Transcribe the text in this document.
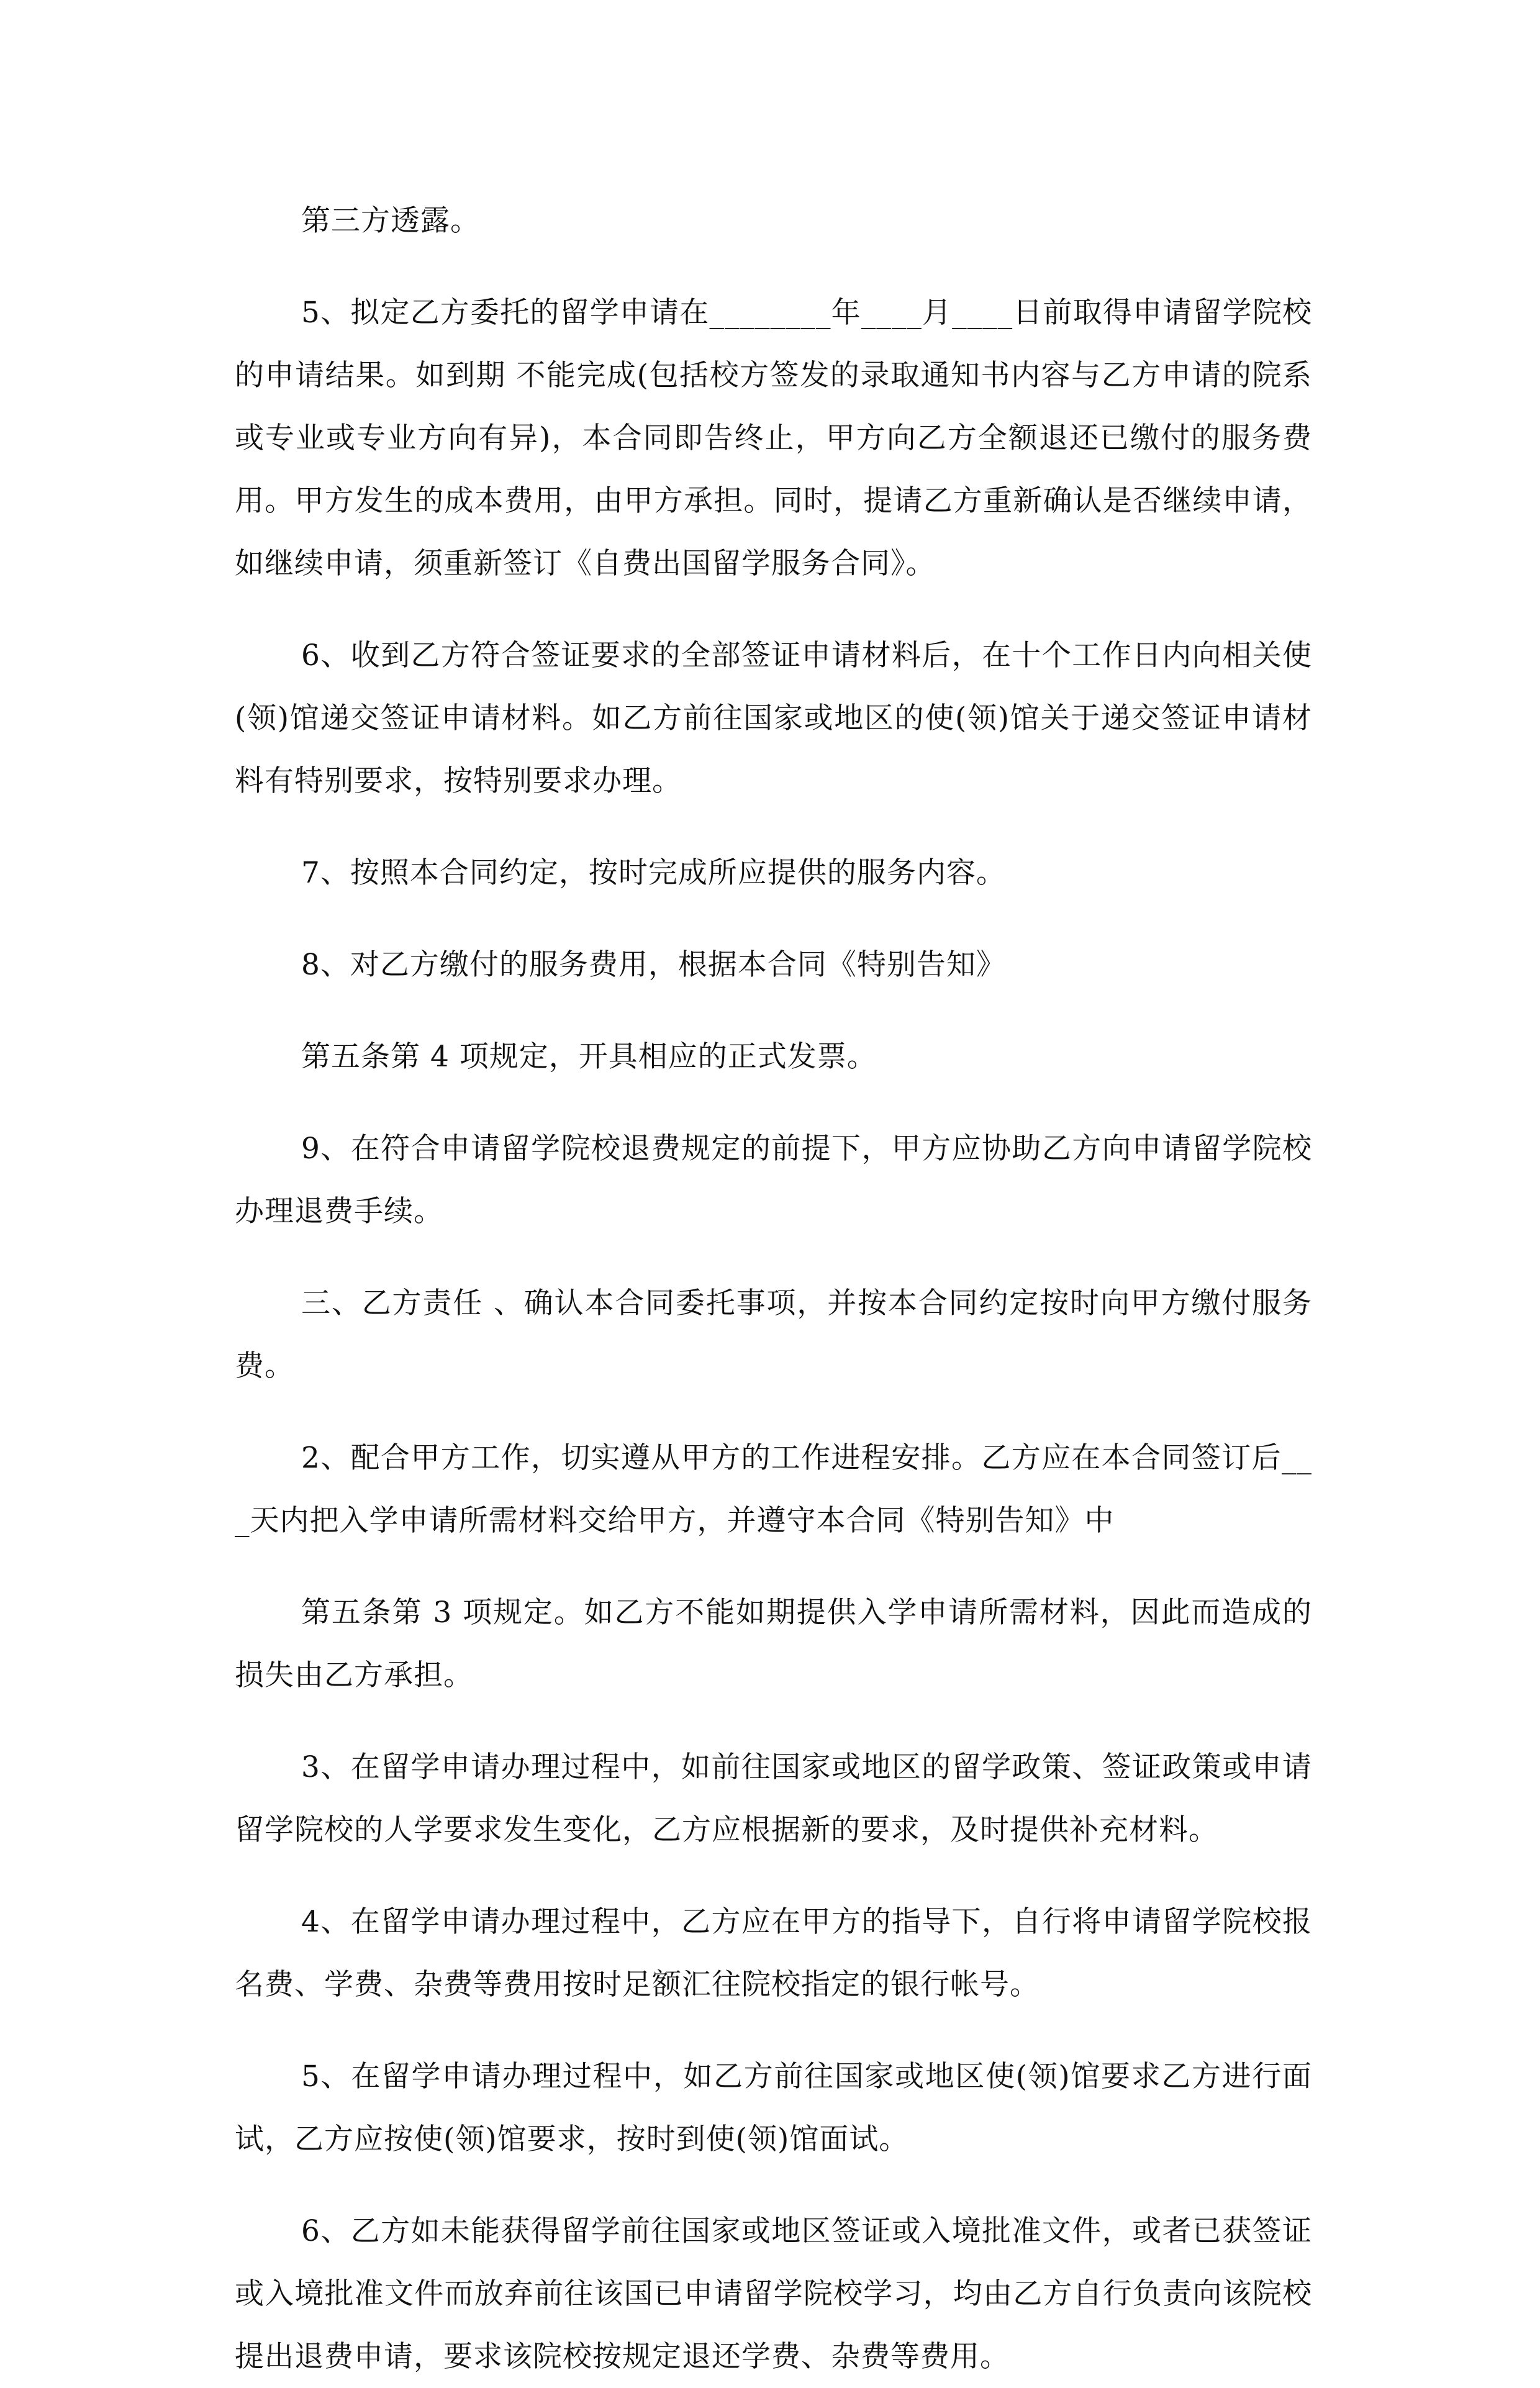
第三方透露。

5、拟定乙方委托的留学申请在________年____月____日前取得申请留学院校的申请结果。如到期 不能完成(包括校方签发的录取通知书内容与乙方申请的院系或专业或专业方向有异)，本合同即告终止，甲方向乙方全额退还已缴付的服务费用。甲方发生的成本费用，由甲方承担。同时，提请乙方重新确认是否继续申请，如继续申请，须重新签订《自费出国留学服务合同》。

6、收到乙方符合签证要求的全部签证申请材料后，在十个工作日内向相关使(领)馆递交签证申请材料。如乙方前往国家或地区的使(领)馆关于递交签证申请材料有特别要求，按特别要求办理。

7、按照本合同约定，按时完成所应提供的服务内容。

8、对乙方缴付的服务费用，根据本合同《特别告知》

第五条第 4 项规定，开具相应的正式发票。

9、在符合申请留学院校退费规定的前提下，甲方应协助乙方向申请留学院校办理退费手续。

三、乙方责任 、确认本合同委托事项，并按本合同约定按时向甲方缴付服务费。

2、配合甲方工作，切实遵从甲方的工作进程安排。乙方应在本合同签订后___天内把入学申请所需材料交给甲方，并遵守本合同《特别告知》中

第五条第 3 项规定。如乙方不能如期提供入学申请所需材料，因此而造成的损失由乙方承担。

3、在留学申请办理过程中，如前往国家或地区的留学政策、签证政策或申请留学院校的人学要求发生变化，乙方应根据新的要求，及时提供补充材料。

4、在留学申请办理过程中，乙方应在甲方的指导下，自行将申请留学院校报名费、学费、杂费等费用按时足额汇往院校指定的银行帐号。

5、在留学申请办理过程中，如乙方前往国家或地区使(领)馆要求乙方进行面试，乙方应按使(领)馆要求，按时到使(领)馆面试。

6、乙方如未能获得留学前往国家或地区签证或入境批准文件，或者已获签证或入境批准文件而放弃前往该国已申请留学院校学习，均由乙方自行负责向该院校提出退费申请，要求该院校按规定退还学费、杂费等费用。
